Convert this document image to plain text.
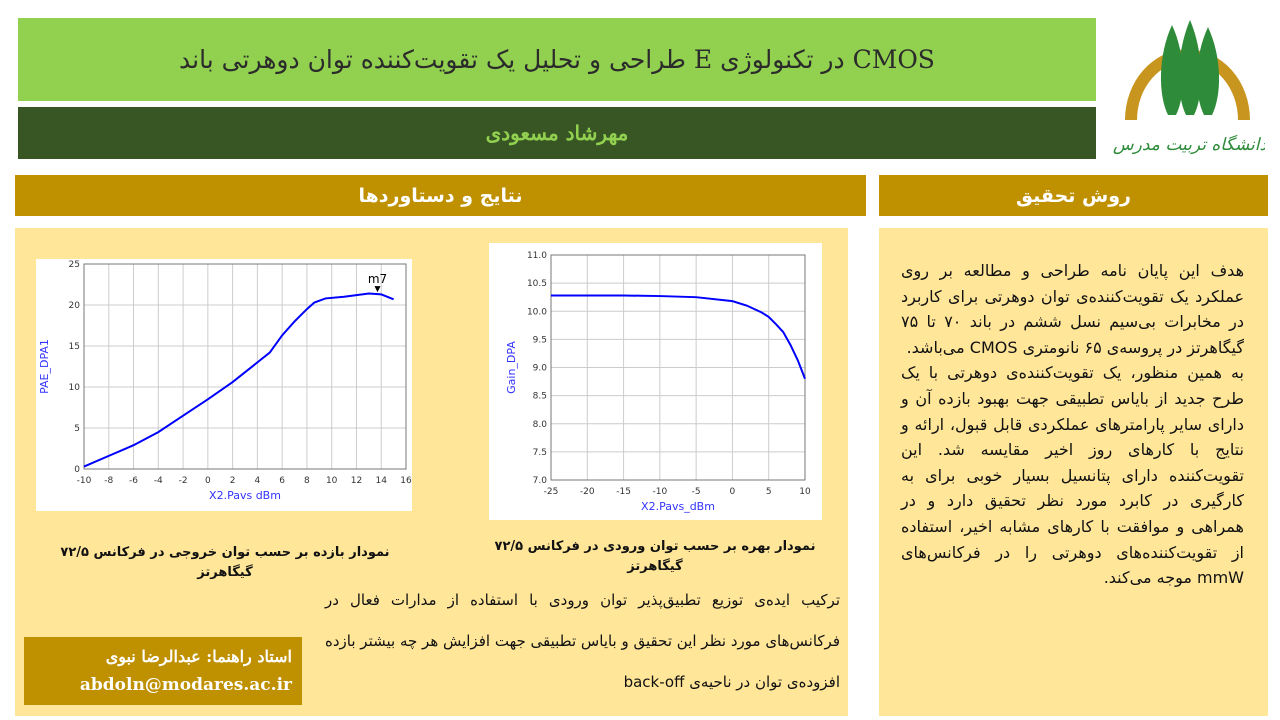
طراحی و تحلیل یک تقویت‌کننده توان دوهرتی باند E در تکنولوژی CMOS
مهرشاد مسعودی	دانشگاه تربیت مدرس
نتایج و دستاوردها	روش تحقیق

هدف این پایان نامه طراحی و مطالعه بر روی عملکرد یک تقویت‌کننده‌ی توان دوهرتی برای کاربرد در مخابرات بی‌سیم نسل ششم در باند ۷۰ تا ۷۵ گیگاهرتز در پروسه‌ی ۶۵ نانومتری CMOS می‌باشد.

به همین منظور، یک تقویت‌کننده‌ی دوهرتی با یک طرح جدید از بایاس تطبیقی جهت بهبود بازده آن و دارای سایر پارامترهای عملکردی قابل قبول، ارائه و نتایج با کارهای روز اخیر مقایسه شد. این تقویت‌کننده دارای پتانسیل بسیار خوبی برای به کارگیری در کابرد مورد نظر تحقیق دارد و در همراهی و موافقت با کارهای مشابه اخیر، استفاده از تقویت‌کننده‌های دوهرتی را در فرکانس‌های mmW موجه می‌کند.

-10 -8 -6 -4 -2 0 2 4 6 8 10 12 14 16
0
5
10
15
20
25
X2.Pavs dBm
PAE_DPA1
m7
-25 -20 -15 -10	-5	0	5	10
7.0
7.5
8.0
8.5
9.0
9.5
10.0
10.5
11.0
X2.Pavs_dBm
Gain_DPA
نمودار بازده بر حسب توان خروجی در فرکانس ۷۲/۵ گیگاهرتز
نمودار بهره بر حسب توان ورودی در فرکانس ۷۲/۵ گیگاهرتز
ترکیب ایده‌ی توزیع تطبیق‌پذیر توان ورودی با استفاده از مدارات فعال در فرکانس‌های مورد نظر این تحقیق و بایاس تطبیقی جهت افزایش هر چه بیشتر بازده افزوده‌ی توان در ناحیه‌ی back-off
استاد راهنما: عبدالرضا نبوی
abdoln@modares.ac.ir
